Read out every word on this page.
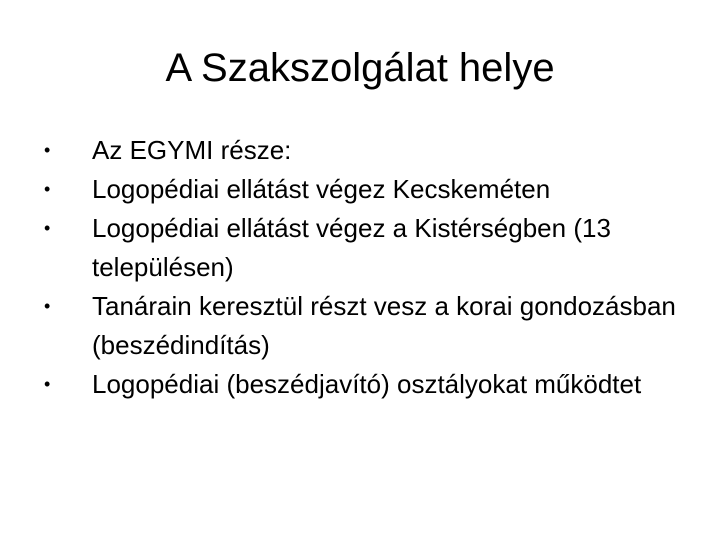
A Szakszolgálat helye
•	Az EGYMI része:
•	Logopédiai ellátást végez Kecskeméten
•	Logopédiai ellátást végez a Kistérségben (13 településen)
•	Tanárain keresztül részt vesz a korai gondozásban (beszédindítás)
•	Logopédiai (beszédjavító) osztályokat működtet
